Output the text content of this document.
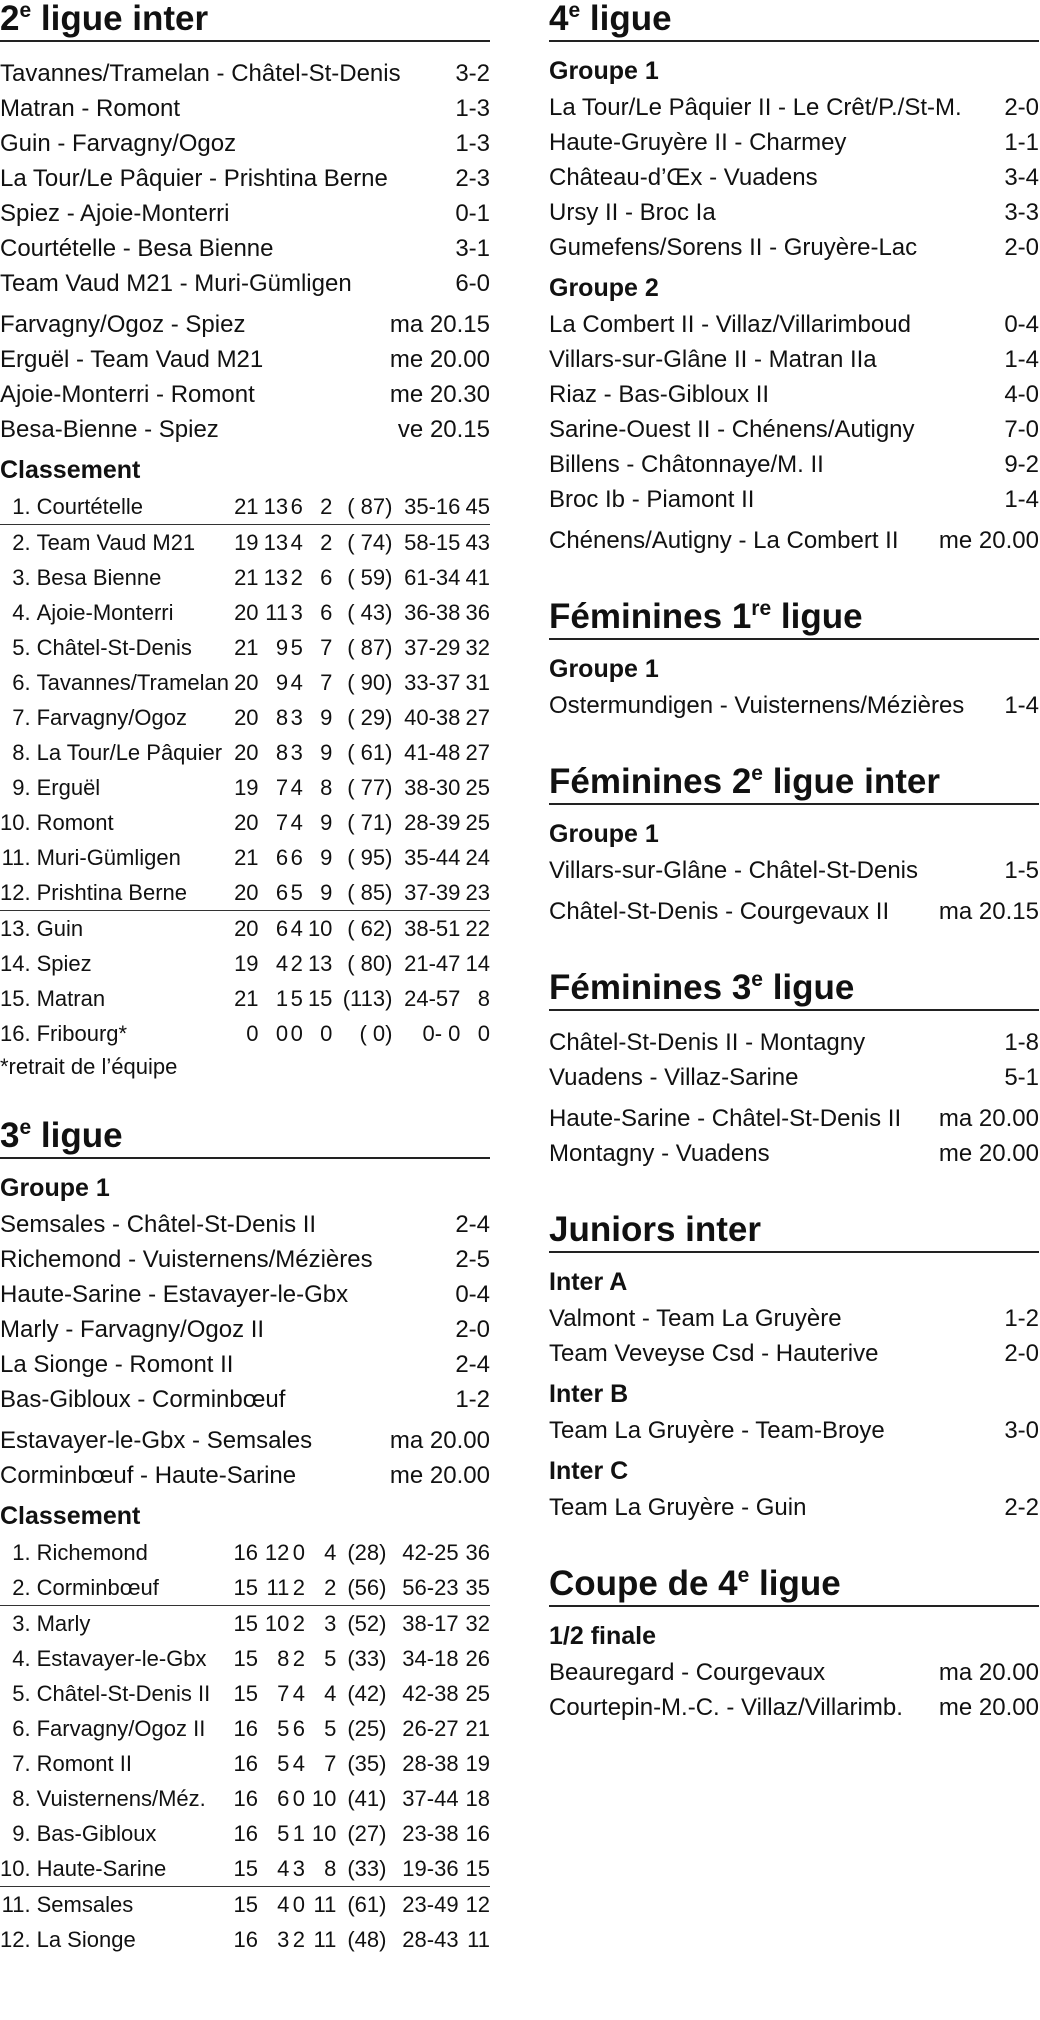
2e ligue inter
Tavannes/Tramelan - Châtel-St-Denis	3-2
Matran - Romont	1-3
Guin - Farvagny/Ogoz	1-3
La Tour/Le Pâquier - Prishtina Berne	2-3
Spiez - Ajoie-Monterri	0-1
Courtételle - Besa Bienne	3-1
Team Vaud M21 - Muri-Gümligen	6-0
Farvagny/Ogoz - Spiez	ma 20.15
Erguël - Team Vaud M21	me 20.00
Ajoie-Monterri - Romont	me 20.30
Besa-Bienne - Spiez	ve 20.15
Classement
1.	Courtételle	21	13	6	2	( 87)	35-16	45
2.	Team Vaud M21	19	13	4	2	( 74)	58-15	43
3.	Besa Bienne	21	13	2	6	( 59)	61-34	41
4.	Ajoie-Monterri	20	11	3	6	( 43)	36-38	36
5.	Châtel-St-Denis	21	9	5	7	( 87)	37-29	32
6.	Tavannes/Tramelan	20	9	4	7	( 90)	33-37	31
7.	Farvagny/Ogoz	20	8	3	9	( 29)	40-38	27
8.	La Tour/Le Pâquier	20	8	3	9	( 61)	41-48	27
9.	Erguël	19	7	4	8	( 77)	38-30	25
10.	Romont	20	7	4	9	( 71)	28-39	25
11.	Muri-Gümligen	21	6	6	9	( 95)	35-44	24
12.	Prishtina Berne	20	6	5	9	( 85)	37-39	23
13.	Guin	20	6	4	10	( 62)	38-51	22
14.	Spiez	19	4	2	13	( 80)	21-47	14
15.	Matran	21	1	5	15	(113)	24-57	8
16.	Fribourg*	0	0	0	0	( 0)	0- 0	0
*retrait de l’équipe
3e ligue
Groupe 1
Semsales - Châtel-St-Denis II	2-4
Richemond - Vuisternens/Mézières	2-5
Haute-Sarine - Estavayer-le-Gbx	0-4
Marly - Farvagny/Ogoz II	2-0
La Sionge - Romont II	2-4
Bas-Gibloux - Corminbœuf	1-2
Estavayer-le-Gbx - Semsales	ma 20.00
Corminbœuf - Haute-Sarine	me 20.00
Classement
1.	Richemond	16	12	0	4	(28)	42-25	36
2.	Corminbœuf	15	11	2	2	(56)	56-23	35
3.	Marly	15	10	2	3	(52)	38-17	32
4.	Estavayer-le-Gbx	15	8	2	5	(33)	34-18	26
5.	Châtel-St-Denis II	15	7	4	4	(42)	42-38	25
6.	Farvagny/Ogoz II	16	5	6	5	(25)	26-27	21
7.	Romont II	16	5	4	7	(35)	28-38	19
8.	Vuisternens/Méz.	16	6	0	10	(41)	37-44	18
9.	Bas-Gibloux	16	5	1	10	(27)	23-38	16
10.	Haute-Sarine	15	4	3	8	(33)	19-36	15
11.	Semsales	15	4	0	11	(61)	23-49	12
12.	La Sionge	16	3	2	11	(48)	28-43	11
4e ligue
Groupe 1
La Tour/Le Pâquier II - Le Crêt/P./St-M.	2-0
Haute-Gruyère II - Charmey	1-1
Château-d’Œx - Vuadens	3-4
Ursy II - Broc Ia	3-3
Gumefens/Sorens II - Gruyère-Lac	2-0
Groupe 2
La Combert II - Villaz/Villarimboud	0-4
Villars-sur-Glâne II - Matran IIa	1-4
Riaz - Bas-Gibloux II	4-0
Sarine-Ouest II - Chénens/Autigny	7-0
Billens - Châtonnaye/M. II	9-2
Broc Ib - Piamont II	1-4
Chénens/Autigny - La Combert II	me 20.00
Féminines 1re ligue
Groupe 1
Ostermundigen - Vuisternens/Mézières	1-4
Féminines 2e ligue inter
Groupe 1
Villars-sur-Glâne - Châtel-St-Denis	1-5
Châtel-St-Denis - Courgevaux II	ma 20.15
Féminines 3e ligue
Châtel-St-Denis II - Montagny	1-8
Vuadens - Villaz-Sarine	5-1
Haute-Sarine - Châtel-St-Denis II	ma 20.00
Montagny - Vuadens	me 20.00
Juniors inter
Inter A
Valmont - Team La Gruyère	1-2
Team Veveyse Csd - Hauterive	2-0
Inter B
Team La Gruyère - Team-Broye	3-0
Inter C
Team La Gruyère - Guin	2-2
Coupe de 4e ligue
1/2 finale
Beauregard - Courgevaux	ma 20.00
Courtepin-M.-C. - Villaz/Villarimb.	me 20.00
